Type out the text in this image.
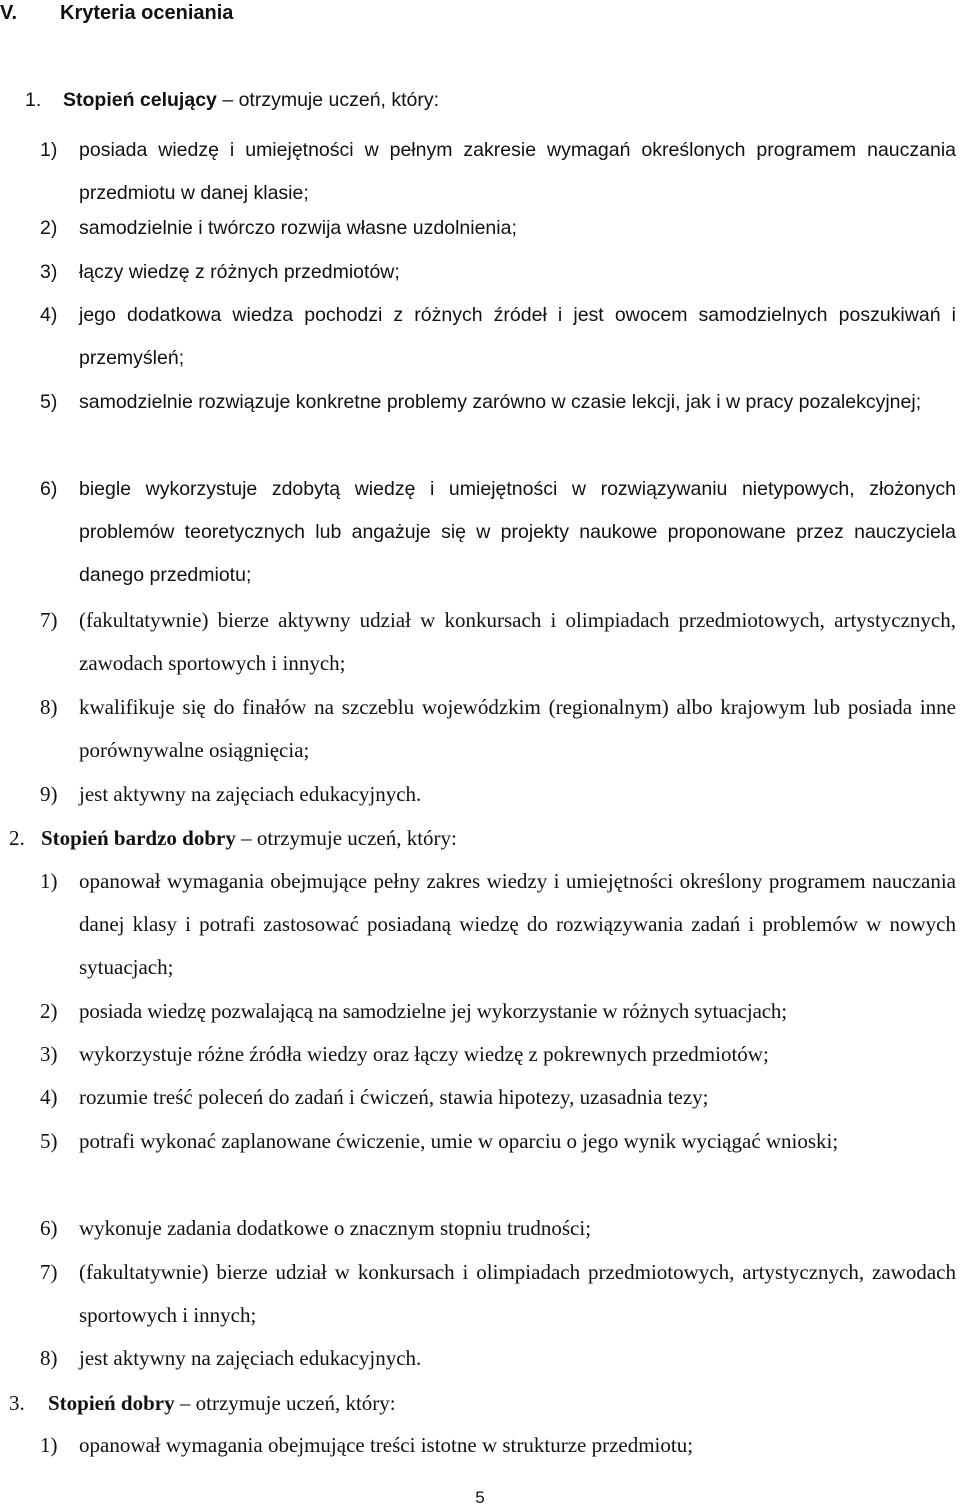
V. Kryteria oceniania
1. Stopień celujący – otrzymuje uczeń, który:
1) posiada wiedzę i umiejętności w pełnym zakresie wymagań określonych programem nauczania przedmiotu w danej klasie;
2) samodzielnie i twórczo rozwija własne uzdolnienia;
3) łączy wiedzę z różnych przedmiotów;
4) jego dodatkowa wiedza pochodzi z różnych źródeł i jest owocem samodzielnych poszukiwań i przemyśleń;
5) samodzielnie rozwiązuje konkretne problemy zarówno w czasie lekcji, jak i w pracy pozalekcyjnej;
6) biegle wykorzystuje zdobytą wiedzę i umiejętności w rozwiązywaniu nietypowych, złożonych problemów teoretycznych lub angażuje się w projekty naukowe proponowane przez nauczyciela danego przedmiotu;
7) (fakultatywnie) bierze aktywny udział w konkursach i olimpiadach przedmiotowych, artystycznych, zawodach sportowych i innych;
8) kwalifikuje się do finałów na szczeblu wojewódzkim (regionalnym) albo krajowym lub posiada inne porównywalne osiągnięcia;
9) jest aktywny na zajęciach edukacyjnych.
2. Stopień bardzo dobry – otrzymuje uczeń, który:
1) opanował wymagania obejmujące pełny zakres wiedzy i umiejętności określony programem nauczania danej klasy i potrafi zastosować posiadaną wiedzę do rozwiązywania zadań i problemów w nowych sytuacjach;
2) posiada wiedzę pozwalającą na samodzielne jej wykorzystanie w różnych sytuacjach;
3) wykorzystuje różne źródła wiedzy oraz łączy wiedzę z pokrewnych przedmiotów;
4) rozumie treść poleceń do zadań i ćwiczeń, stawia hipotezy, uzasadnia tezy;
5) potrafi wykonać zaplanowane ćwiczenie, umie w oparciu o jego wynik wyciągać wnioski;
6) wykonuje zadania dodatkowe o znacznym stopniu trudności;
7) (fakultatywnie) bierze udział w konkursach i olimpiadach przedmiotowych, artystycznych, zawodach sportowych i innych;
8) jest aktywny na zajęciach edukacyjnych.
3. Stopień dobry – otrzymuje uczeń, który:
1) opanował wymagania obejmujące treści istotne w strukturze przedmiotu;
5
